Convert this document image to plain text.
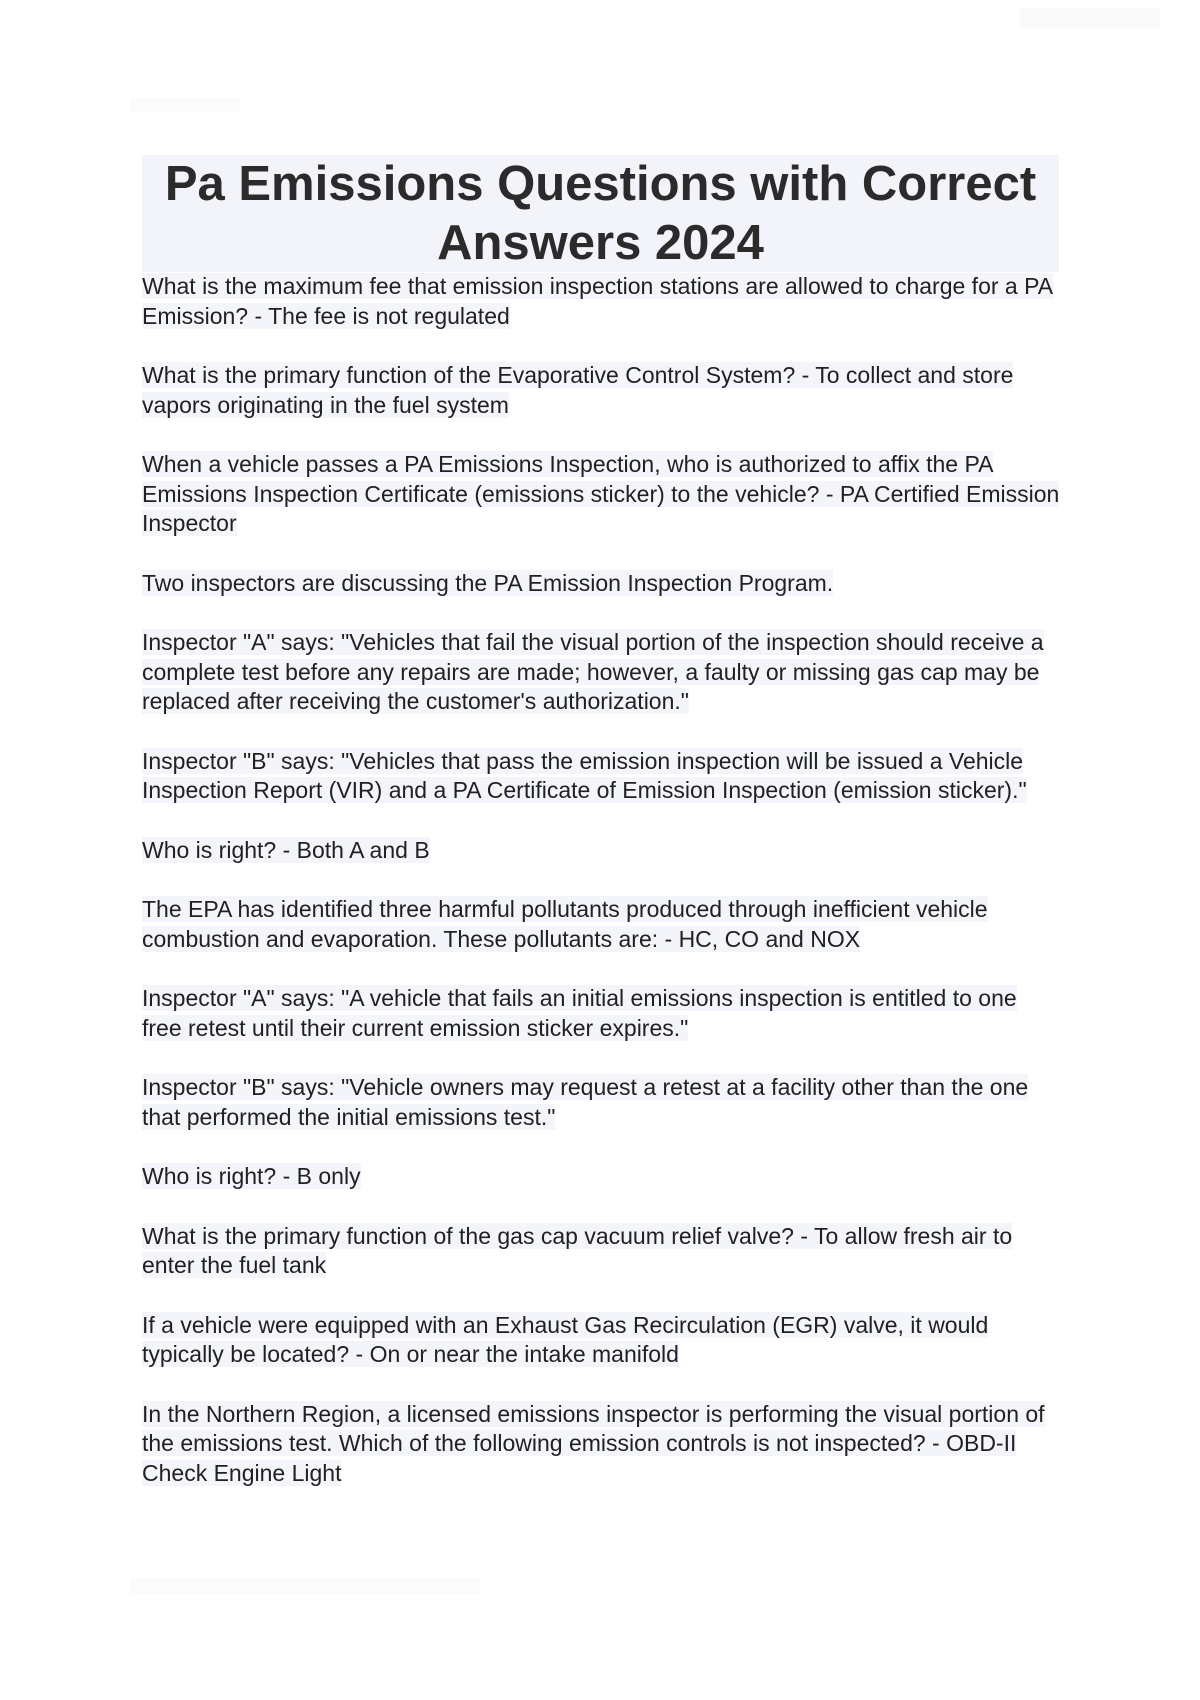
Pa Emissions Questions with Correct Answers 2024

What is the maximum fee that emission inspection stations are allowed to charge for a PA Emission? - The fee is not regulated

What is the primary function of the Evaporative Control System? - To collect and store vapors originating in the fuel system

When a vehicle passes a PA Emissions Inspection, who is authorized to affix the PA Emissions Inspection Certificate (emissions sticker) to the vehicle? - PA Certified Emission Inspector

Two inspectors are discussing the PA Emission Inspection Program.

Inspector "A" says: "Vehicles that fail the visual portion of the inspection should receive a complete test before any repairs are made; however, a faulty or missing gas cap may be replaced after receiving the customer's authorization."

Inspector "B" says: "Vehicles that pass the emission inspection will be issued a Vehicle Inspection Report (VIR) and a PA Certificate of Emission Inspection (emission sticker)."

Who is right? - Both A and B

The EPA has identified three harmful pollutants produced through inefficient vehicle combustion and evaporation. These pollutants are: - HC, CO and NOX

Inspector "A" says: "A vehicle that fails an initial emissions inspection is entitled to one free retest until their current emission sticker expires."

Inspector "B" says: "Vehicle owners may request a retest at a facility other than the one that performed the initial emissions test."

Who is right? - B only

What is the primary function of the gas cap vacuum relief valve? - To allow fresh air to enter the fuel tank

If a vehicle were equipped with an Exhaust Gas Recirculation (EGR) valve, it would typically be located? - On or near the intake manifold

In the Northern Region, a licensed emissions inspector is performing the visual portion of the emissions test. Which of the following emission controls is not inspected? - OBD-II Check Engine Light
